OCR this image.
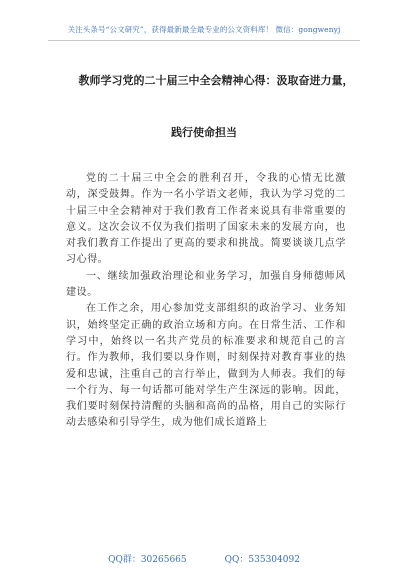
关注头条号“公文研究”，获得最新最全最专业的公文资料库！ 微信：gongwenyj
教师学习党的二十届三中全会精神心得：汲取奋进力量，
践行使命担当

党的二十届三中全会的胜利召开，令我的心情无比激动，深受鼓舞。作为一名小学语文老师，我认为学习党的二十届三中全会精神对于我们教育工作者来说具有非常重要的意义。这次会议不仅为我们指明了国家未来的发展方向，也对我们教育工作提出了更高的要求和挑战。简要谈谈几点学习心得。

一、继续加强政治理论和业务学习，加强自身师德师风建设。

在工作之余，用心参加党支部组织的政治学习、业务知识，始终坚定正确的政治立场和方向。在日常生活、工作和学习中，始终以一名共产党员的标准要求和规范自己的言行。作为教师，我们要以身作则，时刻保持对教育事业的热爱和忠诚，注重自己的言行举止，做到为人师表。我们的每一个行为、每一句话都可能对学生产生深远的影响。因此，我们要时刻保持清醒的头脑和高尚的品格，用自己的实际行动去感染和引导学生，成为他们成长道路上

QQ群：30265665	QQ：535304092
